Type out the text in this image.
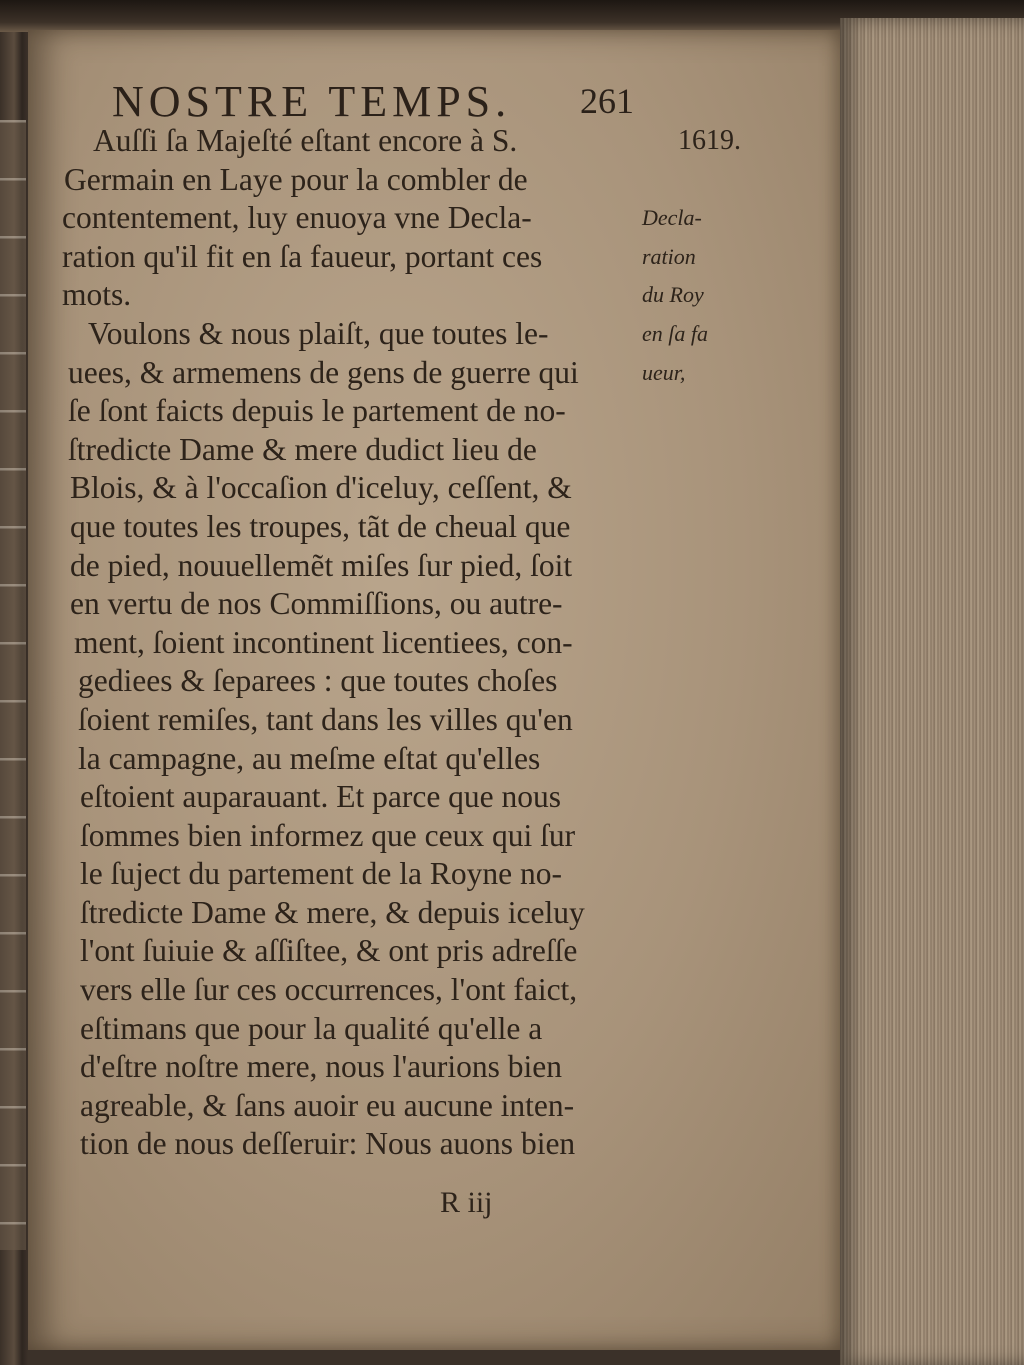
NOSTRE TEMPS. 261
Auſſi ſa Majeſté eſtant encore à S.
Germain en Laye pour la combler de
contentement, luy enuoya vne Decla-
ration qu'il fit en ſa faueur, portant ces
mots.
Voulons & nous plaiſt, que toutes le-
uees, & armemens de gens de guerre qui
ſe ſont faicts depuis le partement de no-
ſtredicte Dame & mere dudict lieu de
Blois, & à l'occaſion d'iceluy, ceſſent, &
que toutes les troupes, tãt de cheual que
de pied, nouuellemẽt miſes ſur pied, ſoit
en vertu de nos Commiſſions, ou autre-
ment, ſoient incontinent licentiees, con-
gediees & ſeparees : que toutes choſes
ſoient remiſes, tant dans les villes qu'en
la campagne, au meſme eſtat qu'elles
eſtoient auparauant. Et parce que nous
ſommes bien informez que ceux qui ſur
le ſuject du partement de la Royne no-
ſtredicte Dame & mere, & depuis iceluy
l'ont ſuiuie & aſſiſtee, & ont pris adreſſe
vers elle ſur ces occurrences, l'ont faict,
eſtimans que pour la qualité qu'elle a
d'eſtre noſtre mere, nous l'aurions bien
agreable, & ſans auoir eu aucune inten-
tion de nous deſſeruir: Nous auons bien
1619.
Decla-
ration
du Roy
en ſa fa
ueur,
R iij
